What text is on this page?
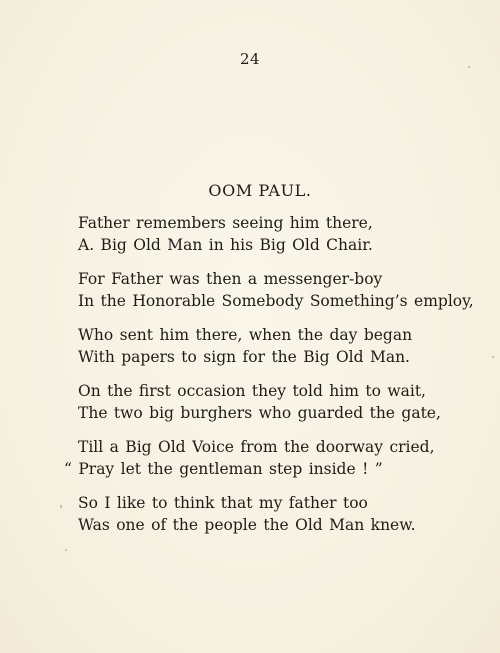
24
OOM PAUL.
Father remembers seeing him there,
A. Big Old Man in his Big Old Chair.
For Father was then a messenger-boy
In the Honorable Somebody Something’s employ,
Who sent him there, when the day began
With papers to sign for the Big Old Man.
On the first occasion they told him to wait,
The two big burghers who guarded the gate,
Till a Big Old Voice from the doorway cried,
“ Pray let the gentleman step inside ! ”
So I like to think that my father too
Was one of the people the Old Man knew.
